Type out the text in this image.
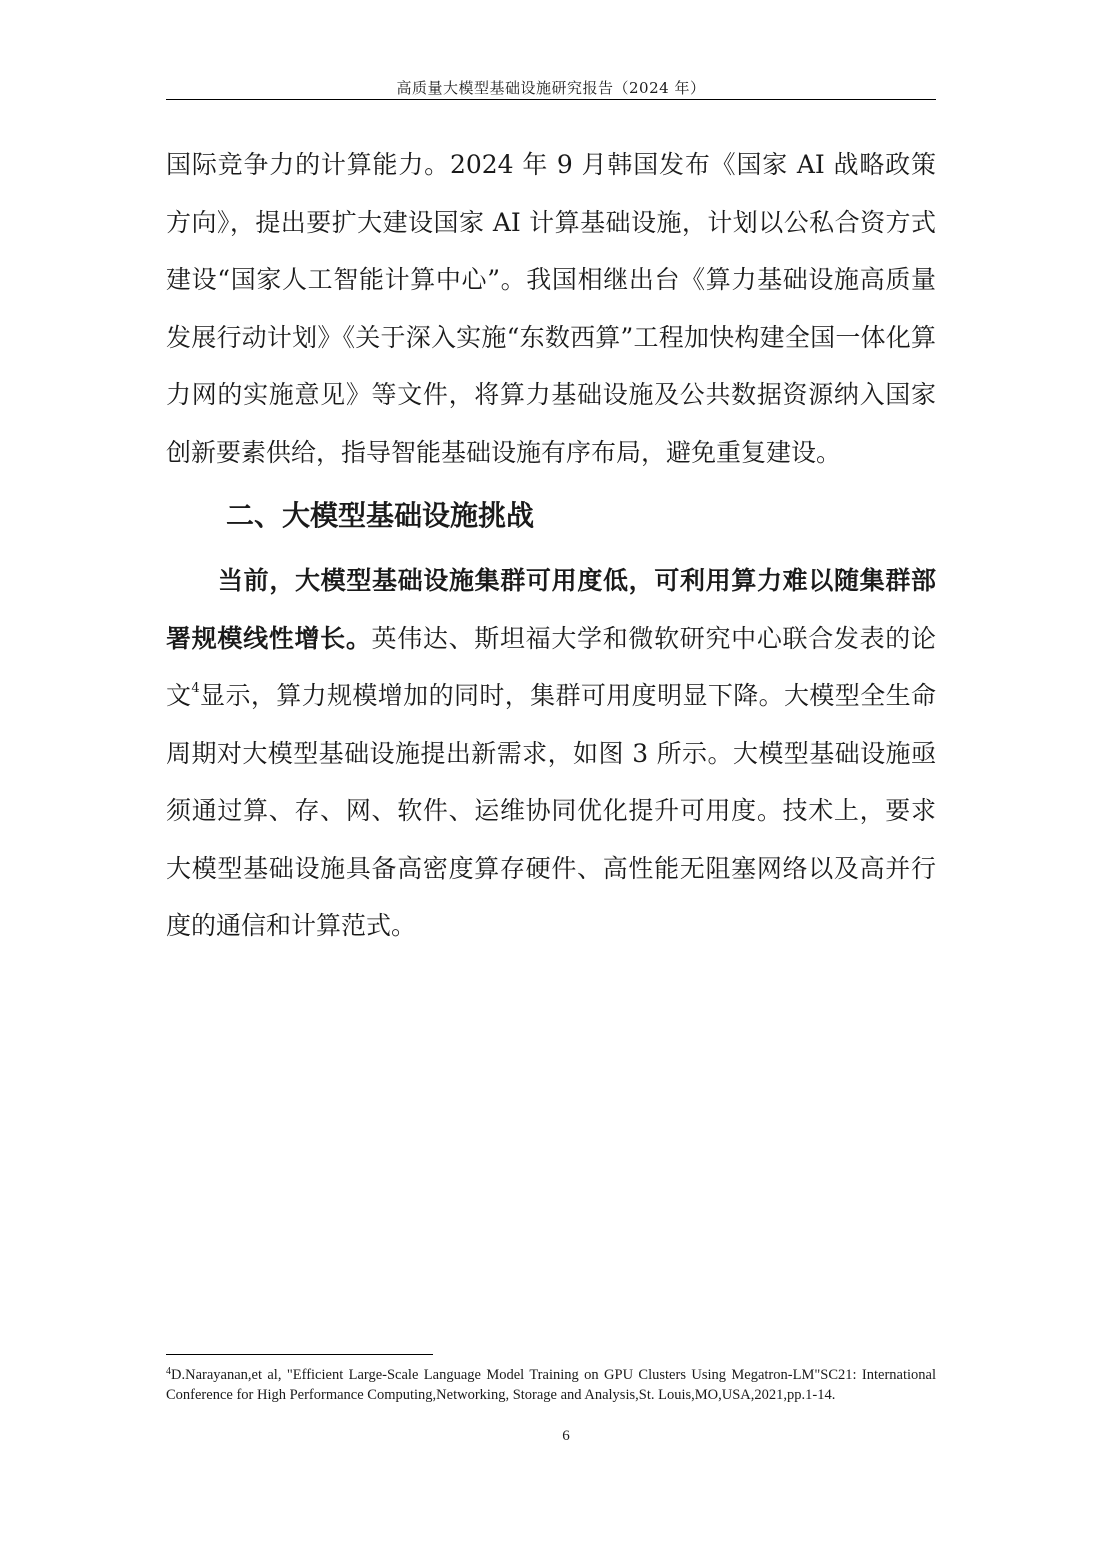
高质量大模型基础设施研究报告（2024 年）
国际竞争力的计算能力。2024 年 9 月韩国发布《国家 AI 战略政策方向》，提出要扩大建设国家 AI 计算基础设施，计划以公私合资方式建设“国家人工智能计算中心”。我国相继出台《算力基础设施高质量发展行动计划》《关于深入实施“东数西算”工程加快构建全国一体化算力网的实施意见》等文件，将算力基础设施及公共数据资源纳入国家创新要素供给，指导智能基础设施有序布局，避免重复建设。
二、大模型基础设施挑战
当前，大模型基础设施集群可用度低，可利用算力难以随集群部署规模线性增长。英伟达、斯坦福大学和微软研究中心联合发表的论文$^4$显示，算力规模增加的同时，集群可用度明显下降。大模型全生命周期对大模型基础设施提出新需求，如图 3 所示。大模型基础设施亟须通过算、存、网、软件、运维协同优化提升可用度。技术上，要求大模型基础设施具备高密度算存硬件、高性能无阻塞网络以及高并行度的通信和计算范式。
$^4$D.Narayanan,et al, "Efficient Large-Scale Language Model Training on GPU Clusters Using Megatron-LM"SC21: International Conference for High Performance Computing,Networking, Storage and Analysis,St. Louis,MO,USA,2021,pp.1-14.
6
